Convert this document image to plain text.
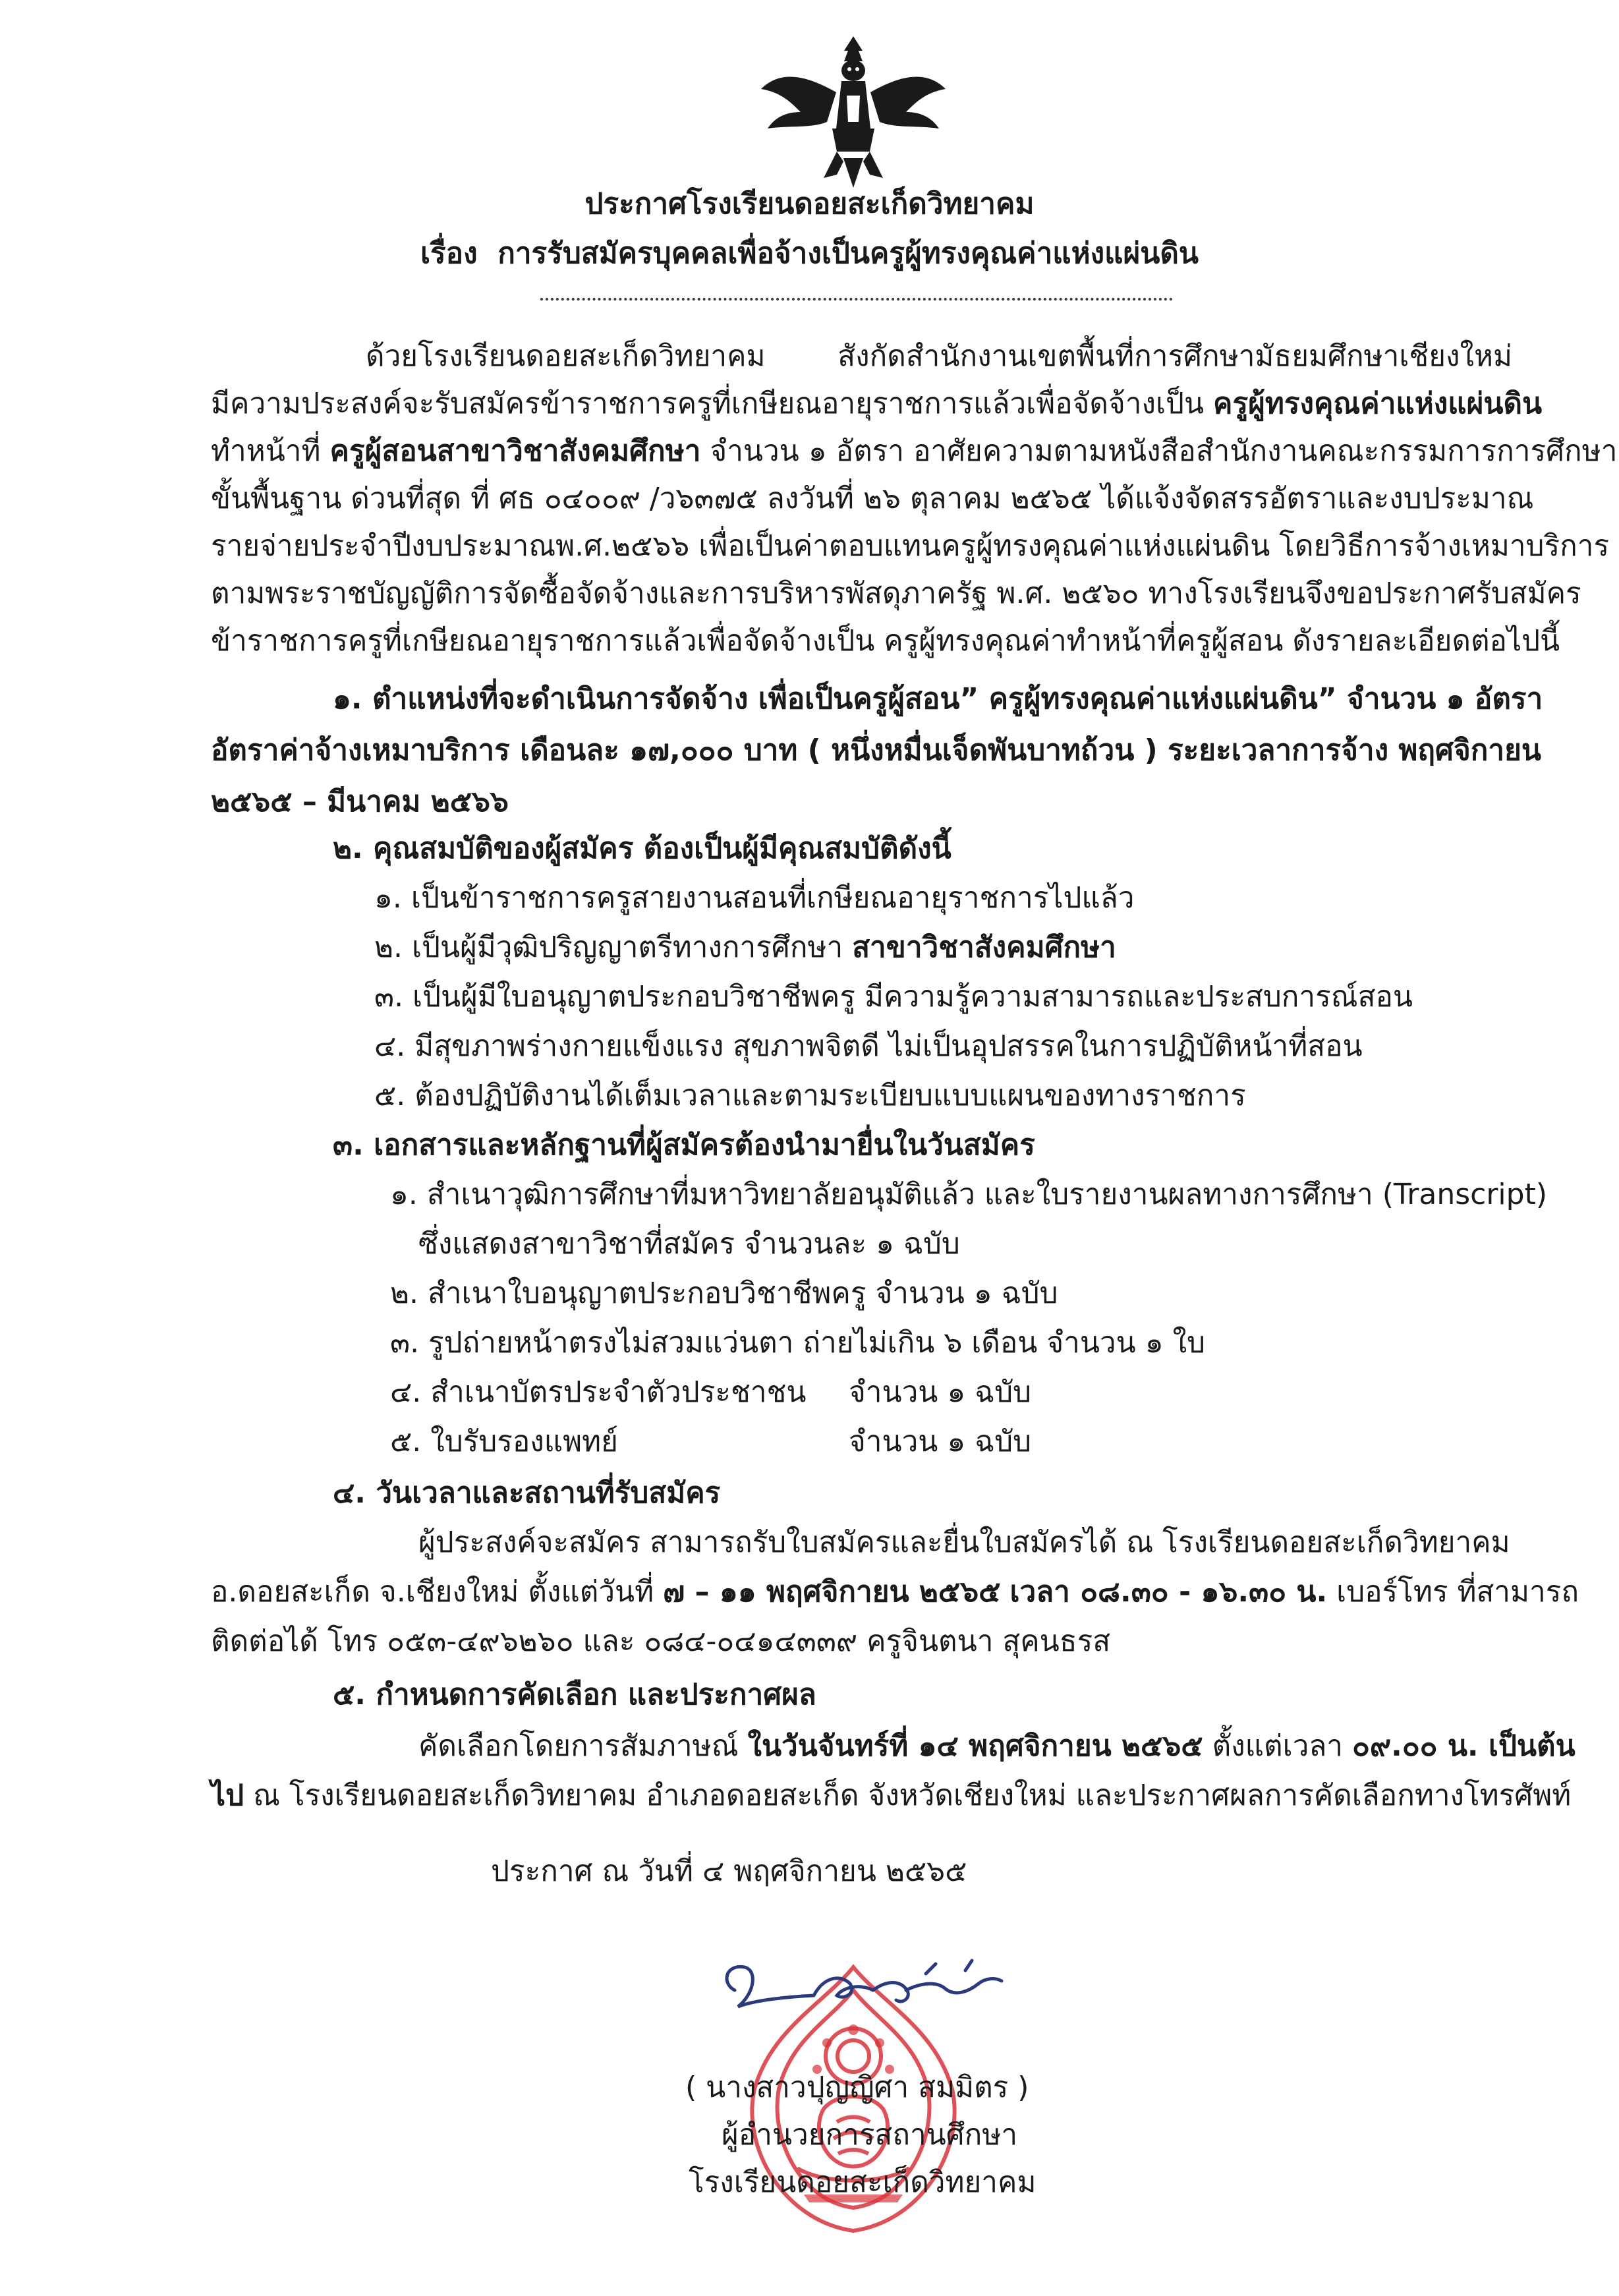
ประกาศโรงเรียนดอยสะเก็ดวิทยาคม
เรื่อง การรับสมัครบุคคลเพื่อจ้างเป็นครูผู้ทรงคุณค่าแห่งแผ่นดิน
ด้วยโรงเรียนดอยสะเก็ดวิทยาคม สังกัดสำนักงานเขตพื้นที่การศึกษามัธยมศึกษาเชียงใหม่
มีความประสงค์จะรับสมัครข้าราชการครูที่เกษียณอายุราชการแล้วเพื่อจัดจ้างเป็น ครูผู้ทรงคุณค่าแห่งแผ่นดิน
ทำหน้าที่ ครูผู้สอนสาขาวิชาสังคมศึกษา จำนวน ๑ อัตรา อาศัยความตามหนังสือสำนักงานคณะกรรมการการศึกษา
ขั้นพื้นฐาน ด่วนที่สุด ที่ ศธ ๐๔๐๐๙ /ว๖๓๗๕ ลงวันที่ ๒๖ ตุลาคม ๒๕๖๕ ได้แจ้งจัดสรรอัตราและงบประมาณ
รายจ่ายประจำปีงบประมาณพ.ศ.๒๕๖๖ เพื่อเป็นค่าตอบแทนครูผู้ทรงคุณค่าแห่งแผ่นดิน โดยวิธีการจ้างเหมาบริการ
ตามพระราชบัญญัติการจัดซื้อจัดจ้างและการบริหารพัสดุภาครัฐ พ.ศ. ๒๕๖๐ ทางโรงเรียนจึงขอประกาศรับสมัคร
ข้าราชการครูที่เกษียณอายุราชการแล้วเพื่อจัดจ้างเป็น ครูผู้ทรงคุณค่าทำหน้าที่ครูผู้สอน ดังรายละเอียดต่อไปนี้
๑. ตำแหน่งที่จะดำเนินการจัดจ้าง เพื่อเป็นครูผู้สอน” ครูผู้ทรงคุณค่าแห่งแผ่นดิน” จำนวน ๑ อัตรา
อัตราค่าจ้างเหมาบริการ เดือนละ ๑๗,๐๐๐ บาท ( หนึ่งหมื่นเจ็ดพันบาทถ้วน ) ระยะเวลาการจ้าง พฤศจิกายน
๒๕๖๕ – มีนาคม ๒๕๖๖
๒. คุณสมบัติของผู้สมัคร ต้องเป็นผู้มีคุณสมบัติดังนี้
๑. เป็นข้าราชการครูสายงานสอนที่เกษียณอายุราชการไปแล้ว
๒. เป็นผู้มีวุฒิปริญญาตรีทางการศึกษา สาขาวิชาสังคมศึกษา
๓. เป็นผู้มีใบอนุญาตประกอบวิชาชีพครู มีความรู้ความสามารถและประสบการณ์สอน
๔. มีสุขภาพร่างกายแข็งแรง สุขภาพจิตดี ไม่เป็นอุปสรรคในการปฏิบัติหน้าที่สอน
๕. ต้องปฏิบัติงานได้เต็มเวลาและตามระเบียบแบบแผนของทางราชการ
๓. เอกสารและหลักฐานที่ผู้สมัครต้องนำมายื่นในวันสมัคร
๑. สำเนาวุฒิการศึกษาที่มหาวิทยาลัยอนุมัติแล้ว และใบรายงานผลทางการศึกษา (Transcript)
ซึ่งแสดงสาขาวิชาที่สมัคร จำนวนละ ๑ ฉบับ
๒. สำเนาใบอนุญาตประกอบวิชาชีพครู จำนวน ๑ ฉบับ
๓. รูปถ่ายหน้าตรงไม่สวมแว่นตา ถ่ายไม่เกิน ๖ เดือน จำนวน ๑ ใบ
๔. สำเนาบัตรประจำตัวประชาชน จำนวน ๑ ฉบับ
๕. ใบรับรองแพทย์	จำนวน ๑ ฉบับ
๔. วันเวลาและสถานที่รับสมัคร
ผู้ประสงค์จะสมัคร สามารถรับใบสมัครและยื่นใบสมัครได้ ณ โรงเรียนดอยสะเก็ดวิทยาคม
อ.ดอยสะเก็ด จ.เชียงใหม่ ตั้งแต่วันที่ ๗ – ๑๑ พฤศจิกายน ๒๕๖๕ เวลา ๐๘.๓๐ - ๑๖.๓๐ น. เบอร์โทร ที่สามารถ
ติดต่อได้ โทร ๐๕๓-๔๙๖๒๖๐ และ ๐๘๔-๐๔๑๔๓๓๙ ครูจินตนา สุคนธรส
๕. กำหนดการคัดเลือก และประกาศผล
คัดเลือกโดยการสัมภาษณ์ ในวันจันทร์ที่ ๑๔ พฤศจิกายน ๒๕๖๕ ตั้งแต่เวลา ๐๙.๐๐ น. เป็นต้น
ไป ณ โรงเรียนดอยสะเก็ดวิทยาคม อำเภอดอยสะเก็ด จังหวัดเชียงใหม่ และประกาศผลการคัดเลือกทางโทรศัพท์
ประกาศ ณ วันที่ ๔ พฤศจิกายน ๒๕๖๕
( นางสาวปุญญิศา สมมิตร )
ผู้อำนวยการสถานศึกษา
โรงเรียนดอยสะเก็ดวิทยาคม
